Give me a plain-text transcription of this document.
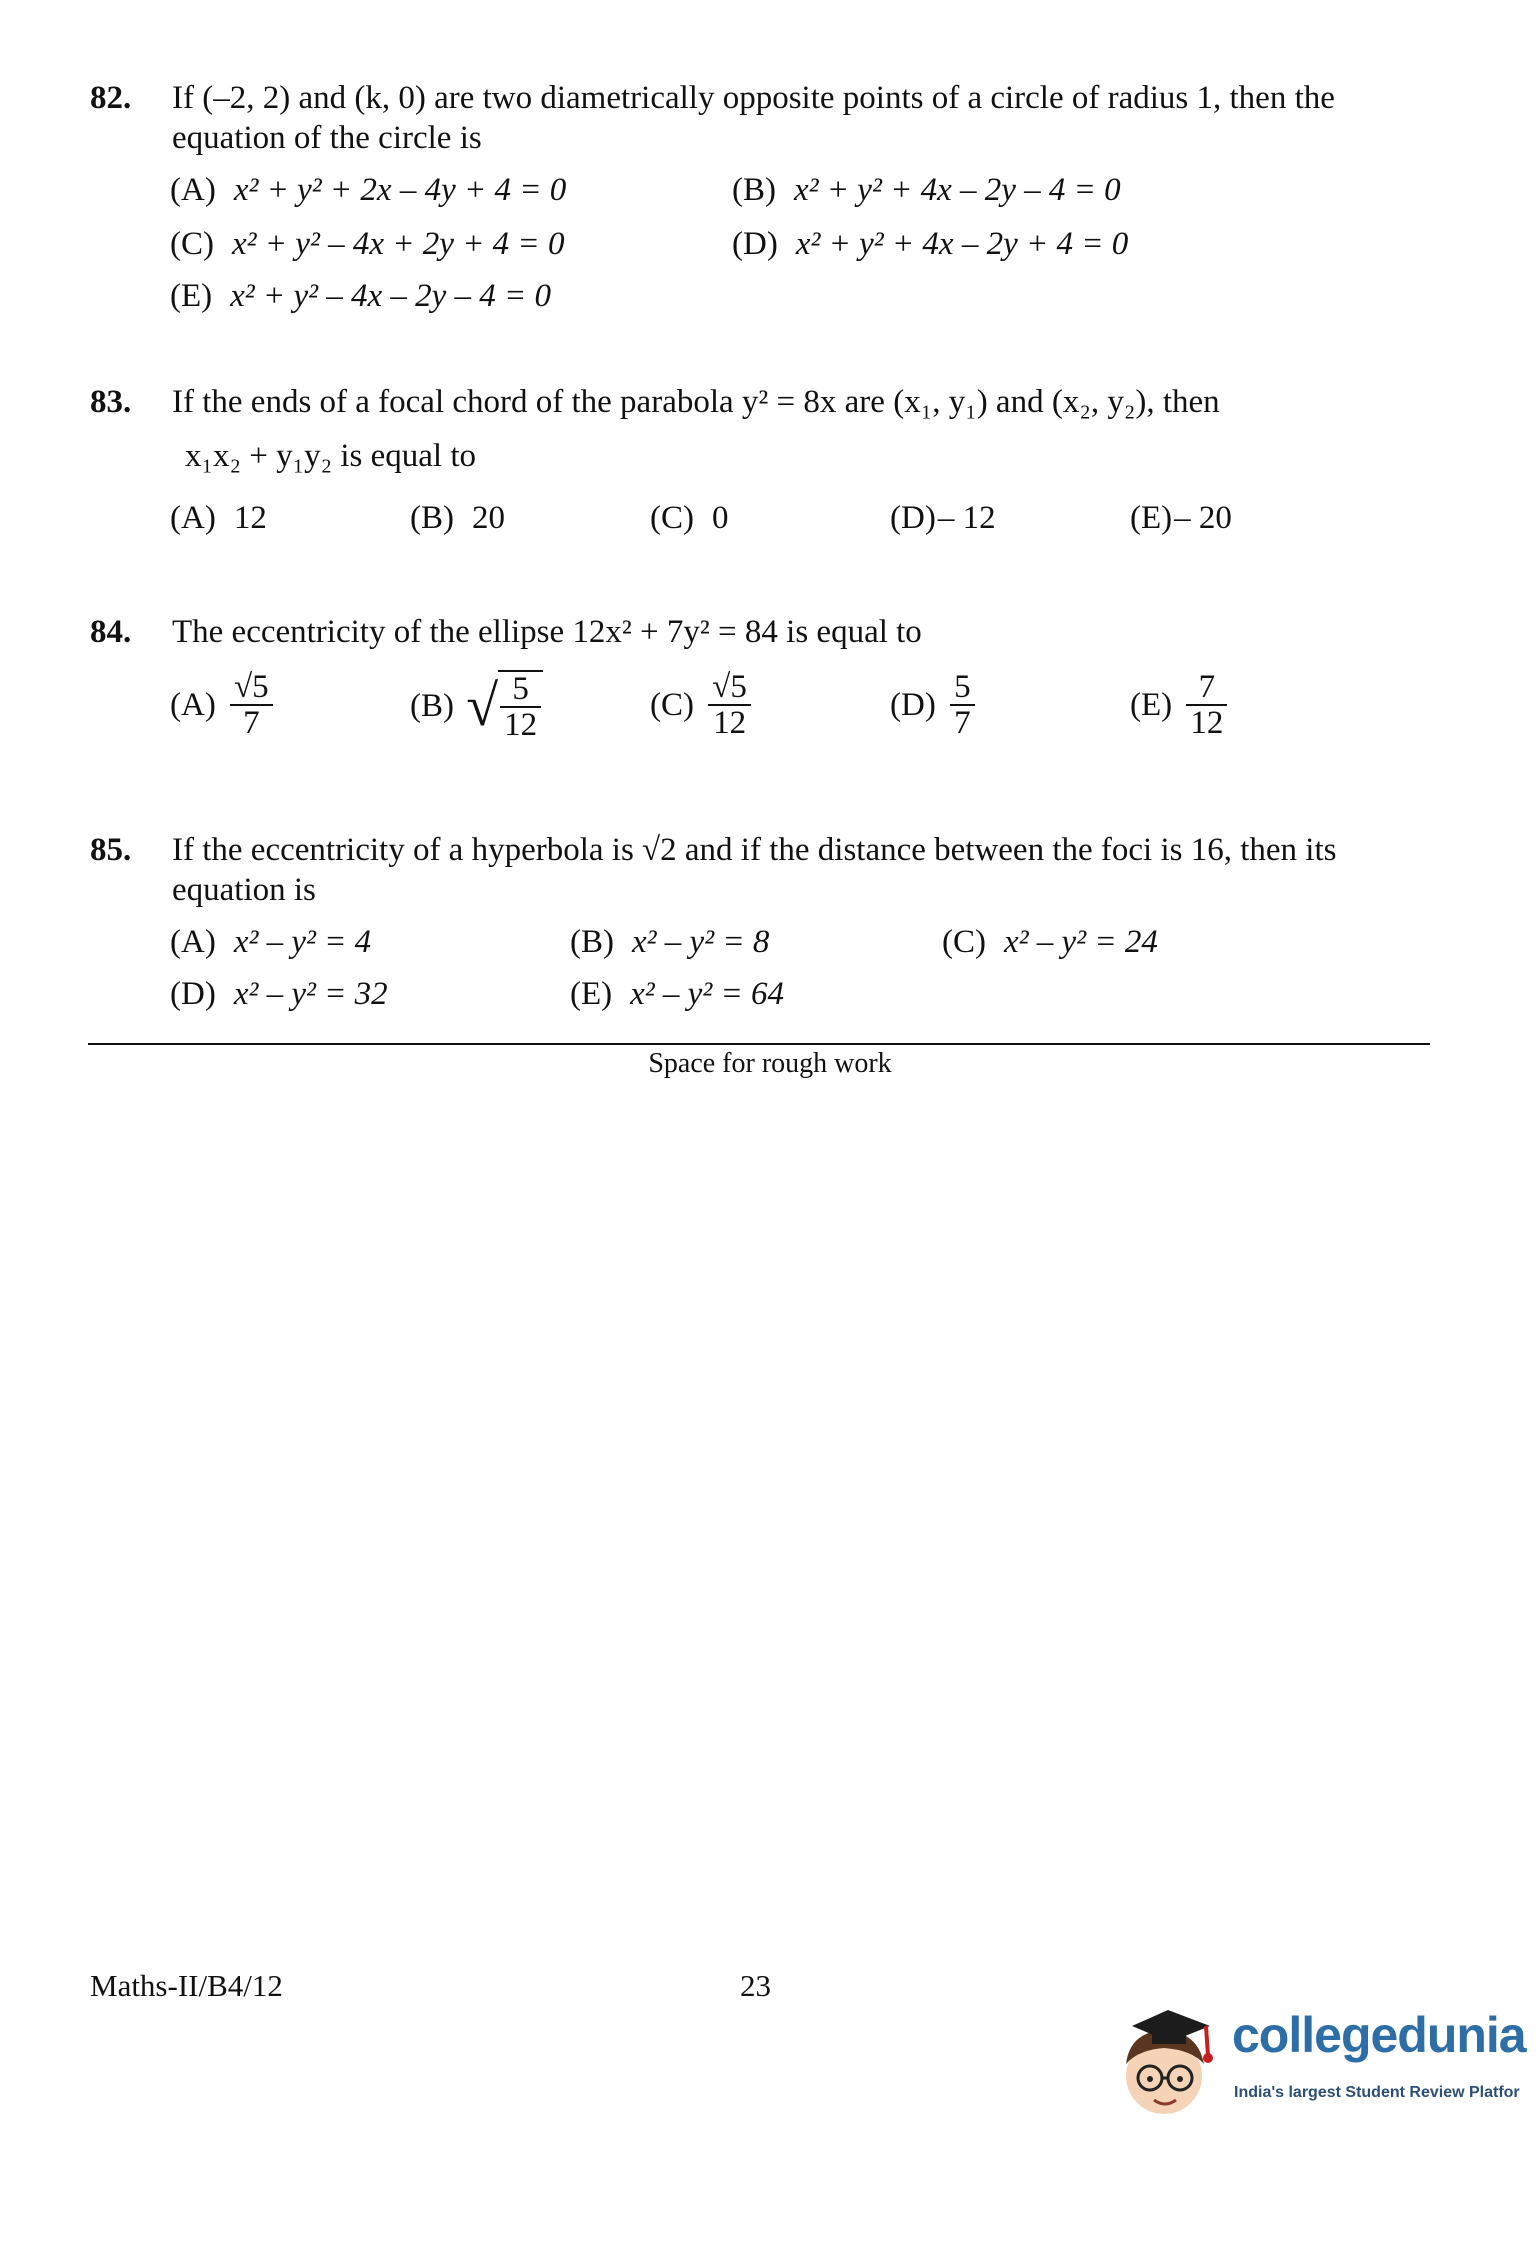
82. If (–2, 2) and (k, 0) are two diametrically opposite points of a circle of radius 1, then the equation of the circle is
(A) x² + y² + 2x – 4y + 4 = 0	(B) x² + y² + 4x – 2y – 4 = 0
(C) x² + y² – 4x + 2y + 4 = 0	(D) x² + y² + 4x – 2y + 4 = 0
(E) x² + y² – 4x – 2y – 4 = 0
83. If the ends of a focal chord of the parabola y² = 8x are (x₁, y₁) and (x₂, y₂), then
x₁x₂ + y₁y₂ is equal to
(A) 12	(B) 20	(C) 0	(D)– 12	(E)– 20
84. The eccentricity of the ellipse 12x² + 7y² = 84 is equal to
$(A) \frac{√5}{7}$	(B) √ $\frac{5}{12}$	$(C) \frac{√5}{12}$	$(D) \frac{5}{7}$	$(E) \frac{7}{12}$
85. If the eccentricity of a hyperbola is √2 and if the distance between the foci is 16, then its equation is
(A) x² – y² = 4	(B) x² – y² = 8	(C) x² – y² = 24
(D) x² – y² = 32	(E) x² – y² = 64
Space for rough work
Maths-II/B4/12	23
collegedunia
India's largest Student Review Platfor
